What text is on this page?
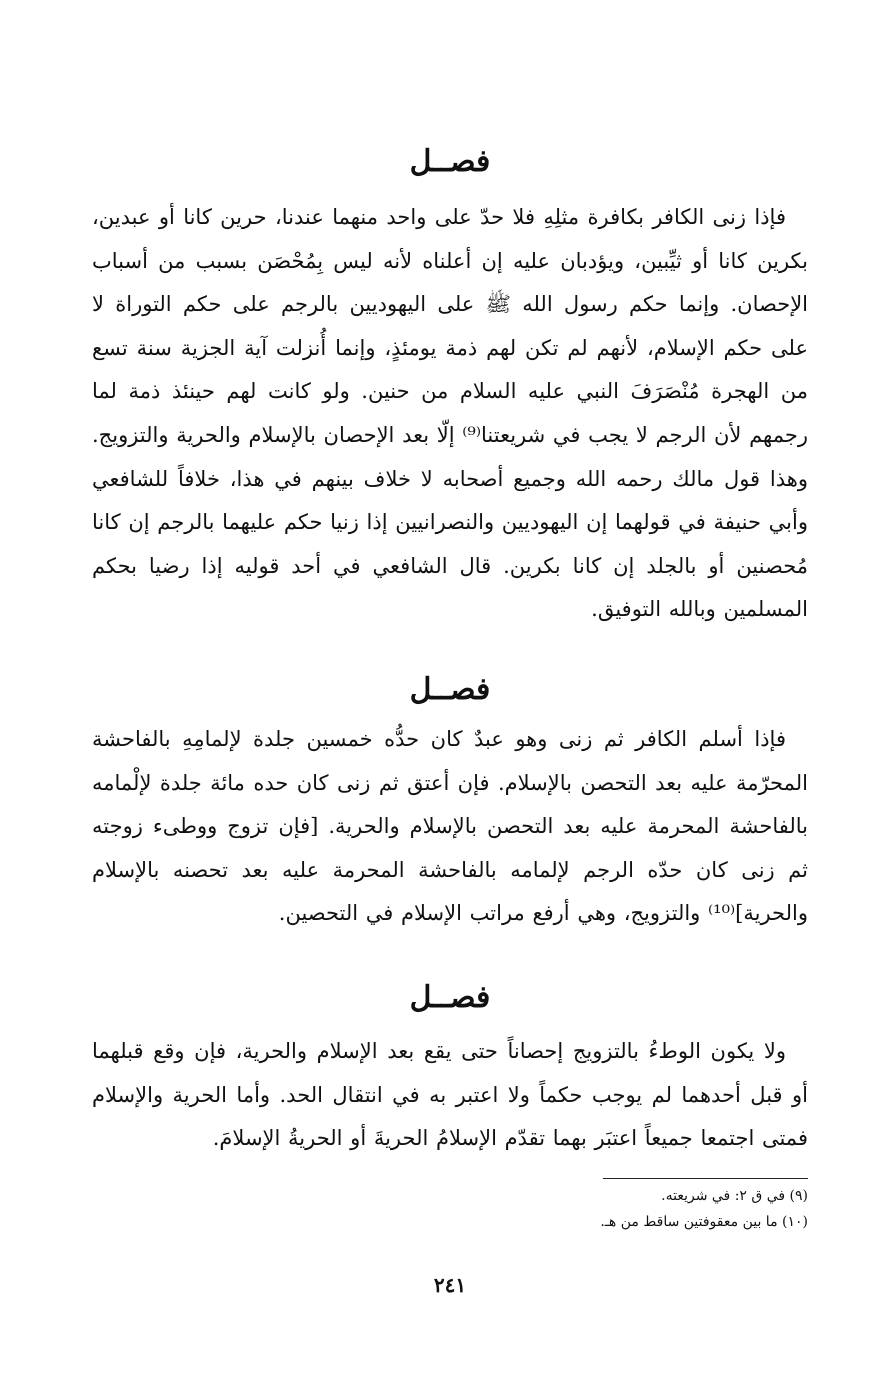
فصــل

فإذا زنى الكافر بكافرة مثلِهِ فلا حدّ على واحد منهما عندنا، حرين كانا أو عبدين، بكرين كانا أو ثيِّبين، ويؤدبان عليه إن أعلناه لأنه ليس بِمُحْصَن بسبب من أسباب الإحصان. وإنما حكم رسول الله ﷺ على اليهوديين بالرجم على حكم التوراة لا على حكم الإسلام، لأنهم لم تكن لهم ذمة يومئذٍ، وإنما أُنزلت آية الجزية سنة تسع من الهجرة مُنْصَرَفَ النبي عليه السلام من حنين. ولو كانت لهم حينئذ ذمة لما رجمهم لأن الرجم لا يجب في شريعتنا⁽⁹⁾ إلّا بعد الإحصان بالإسلام والحرية والتزويج. وهذا قول مالك رحمه الله وجميع أصحابه لا خلاف بينهم في هذا، خلافاً للشافعي وأبي حنيفة في قولهما إن اليهوديين والنصرانيين إذا زنيا حكم عليهما بالرجم إن كانا مُحصنين أو بالجلد إن كانا بكرين. قال الشافعي في أحد قوليه إذا رضيا بحكم المسلمين وبالله التوفيق.

فصــل

فإذا أسلم الكافر ثم زنى وهو عبدٌ كان حدُّه خمسين جلدة لإلمامِهِ بالفاحشة المحرّمة عليه بعد التحصن بالإسلام. فإن أعتق ثم زنى كان حده مائة جلدة لإلْمامه بالفاحشة المحرمة عليه بعد التحصن بالإسلام والحرية. [فإن تزوج ووطىء زوجته ثم زنى كان حدّه الرجم لإلمامه بالفاحشة المحرمة عليه بعد تحصنه بالإسلام والحرية]⁽¹⁰⁾ والتزويج، وهي أرفع مراتب الإسلام في التحصين.

فصــل

ولا يكون الوطءُ بالتزويج إحصاناً حتى يقع بعد الإسلام والحرية، فإن وقع قبلهما أو قبل أحدهما لم يوجب حكماً ولا اعتبر به في انتقال الحد. وأما الحرية والإسلام فمتى اجتمعا جميعاً اعتبَر بهما تقدّم الإسلامُ الحريةَ أو الحريةُ الإسلامَ.

(٩) في ق ٢: في شريعته.
(١٠) ما بين معقوفتين ساقط من هـ.
٢٤١
